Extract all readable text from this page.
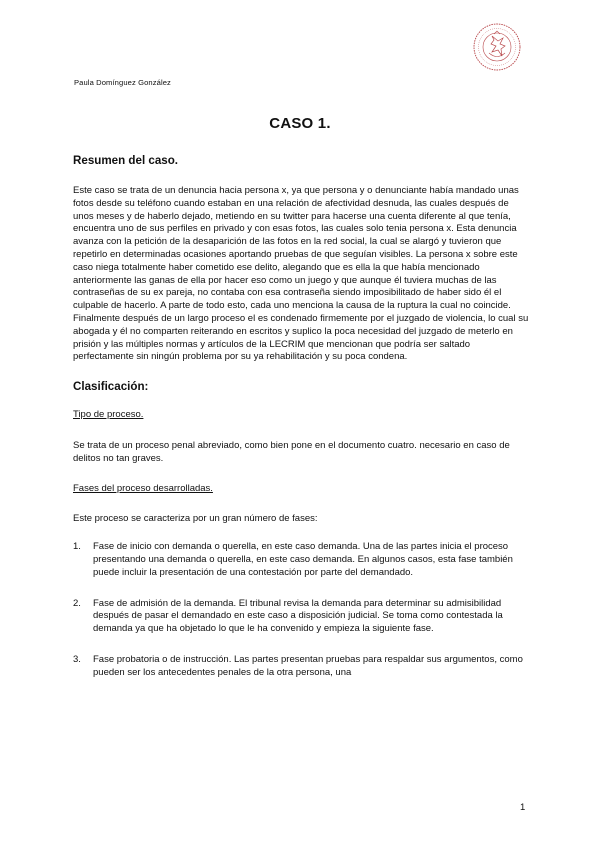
Paula Domínguez González
CASO 1.
Resumen del caso.

Este caso se trata de un denuncia hacia persona x, ya que persona y o denunciante había mandado unas fotos desde su teléfono cuando estaban en una relación de afectividad desnuda, las cuales después de unos meses y de haberlo dejado, metiendo en su twitter para hacerse una cuenta diferente al que tenía, encuentra uno de sus perfiles en privado y con esas fotos, las cuales solo tenia persona x. Esta denuncia avanza con la petición de la desaparición de las fotos en la red social, la cual se alargó y tuvieron que repetirlo en determinadas ocasiones aportando pruebas de que seguían visibles. La persona x sobre este caso niega totalmente haber cometido ese delito, alegando que es ella la que había mencionado anteriormente las ganas de ella por hacer eso como un juego y que aunque él tuviera muchas de las contraseñas de su ex pareja, no contaba con esa contraseña siendo imposibilitado de haber sido él el culpable de hacerlo. A parte de todo esto, cada uno menciona la causa de la ruptura la cual no coincide. Finalmente después de un largo proceso el es condenado firmemente por el juzgado de violencia, lo cual su abogada y él no comparten reiterando en escritos y suplico la poca necesidad del juzgado de meterlo en prisión y las múltiples normas y artículos de la LECRIM que mencionan que podría ser saltado perfectamente sin ningún problema por su ya rehabilitación y su poca condena.

Clasificación:
Tipo de proceso.

Se trata de un proceso penal abreviado, como bien pone en el documento cuatro. necesario en caso de delitos no tan graves.

Fases del proceso desarrolladas.

Este proceso se caracteriza por un gran número de fases:

1. Fase de inicio con demanda o querella, en este caso demanda. Una de las partes inicia el proceso presentando una demanda o querella, en este caso demanda. En algunos casos, esta fase también puede incluir la presentación de una contestación por parte del demandado.
2. Fase de admisión de la demanda. El tribunal revisa la demanda para determinar su admisibilidad después de pasar el demandado en este caso a disposición judicial. Se toma como contestada la demanda ya que ha objetado lo que le ha convenido y empieza la siguiente fase.
3. Fase probatoria o de instrucción. Las partes presentan pruebas para respaldar sus argumentos, como pueden ser los antecedentes penales de la otra persona, una
1
